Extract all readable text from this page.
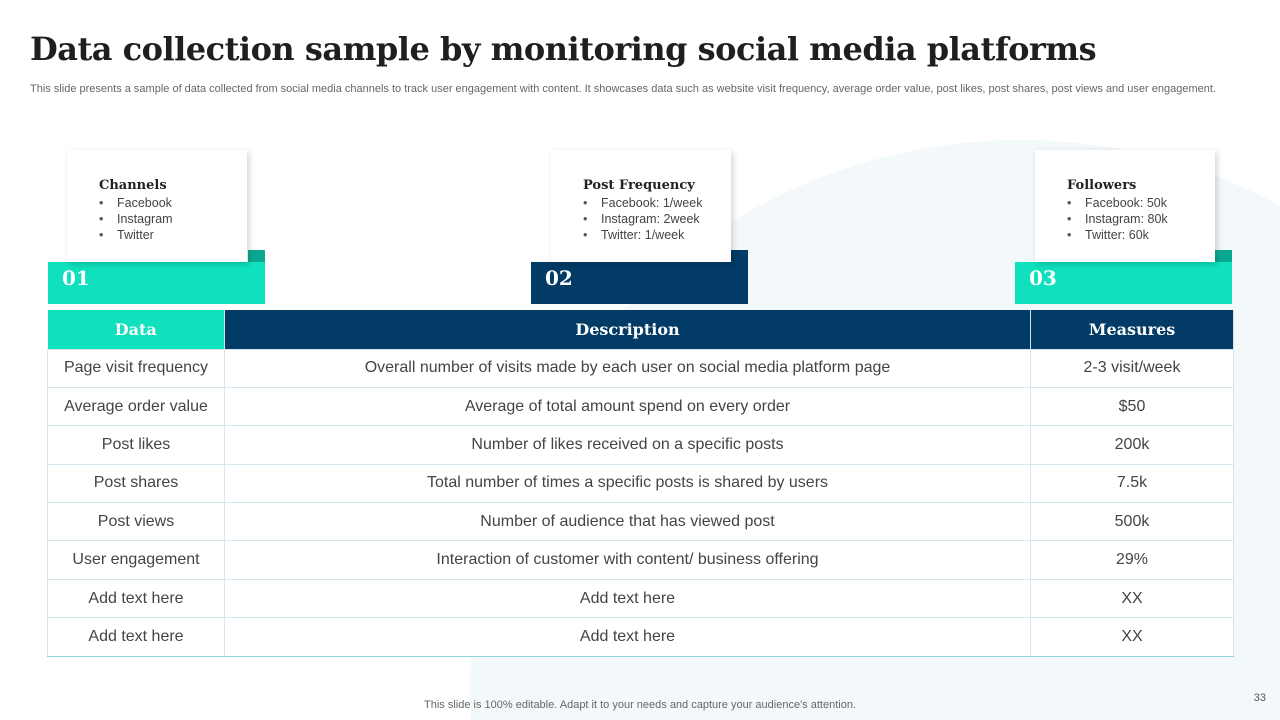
Data collection sample by monitoring social media platforms

This slide presents a sample of data collected from social media channels to track user engagement with content. It showcases data such as website visit frequency, average order value, post likes, post shares, post views and user engagement.

Channels
• Facebook
• Instagram
• Twitter
01
Post Frequency
• Facebook: 1/week
• Instagram: 2week
• Twitter: 1/week
02
Followers
• Facebook: 50k
• Instagram: 80k
• Twitter: 60k
03
Data	Description	Measures
Page visit frequency	Overall number of visits made by each user on social media platform page	2-3 visit/week
Average order value	Average of total amount spend on every order	$50
Post likes	Number of likes received on a specific posts	200k
Post shares	Total number of times a specific posts is shared by users	7.5k
Post views	Number of audience that has viewed post	500k
User engagement	Interaction of customer with content/ business offering	29%
Add text here	Add text here	XX
Add text here	Add text here	XX
This slide is 100% editable. Adapt it to your needs and capture your audience's attention.
33
